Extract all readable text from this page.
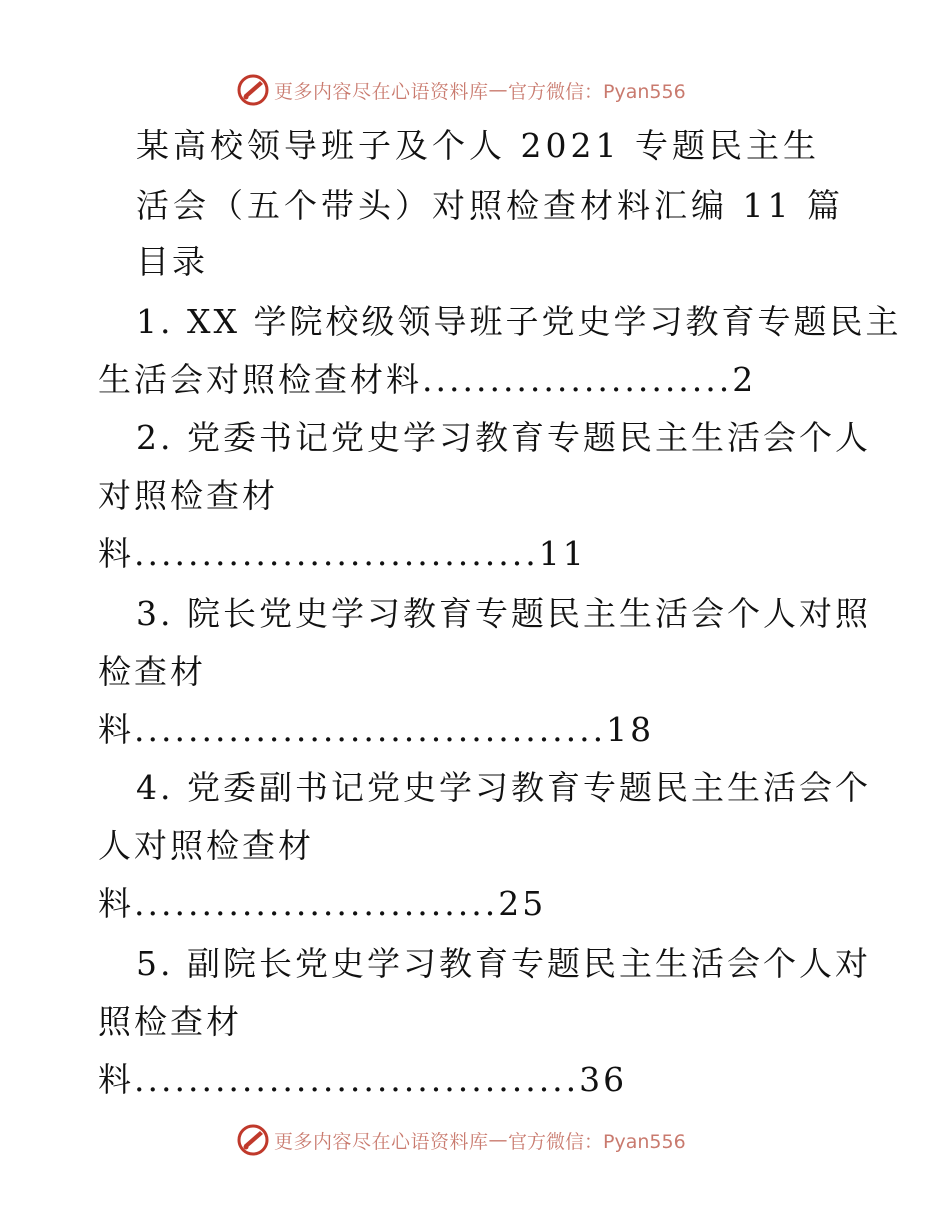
更多内容尽在心语资料库 — 官方微信：Pyan556
某高校领导班子及个人 2021 专题民主生
活会（五个带头）对照检查材料汇编 11 篇
目录
1. XX 学院校级领导班子党史学习教育专题民主
生活会对照检查材料.......................2
2. 党委书记党史学习教育专题民主生活会个人
对照检查材
料..............................11
3. 院长党史学习教育专题民主生活会个人对照
检查材
料...................................18
4. 党委副书记党史学习教育专题民主生活会个
人对照检查材
料...........................25
5. 副院长党史学习教育专题民主生活会个人对
照检查材
料.................................36
更多内容尽在心语资料库 — 官方微信：Pyan556
